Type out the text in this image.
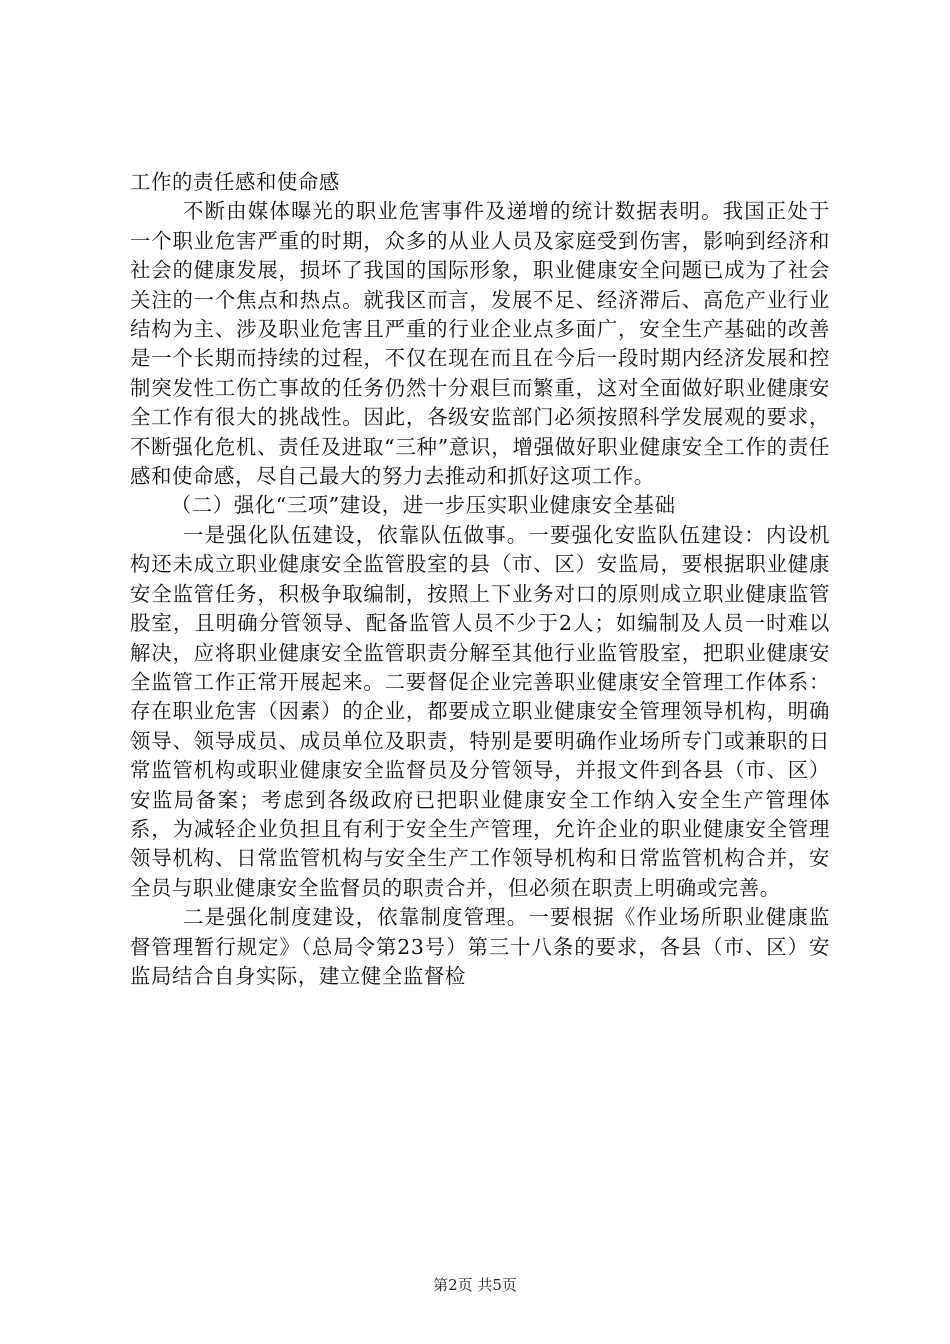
工作的责任感和使命感

不断由媒体曝光的职业危害事件及递增的统计数据表明。我国正处于一个职业危害严重的时期，众多的从业人员及家庭受到伤害，影响到经济和社会的健康发展，损坏了我国的国际形象，职业健康安全问题已成为了社会关注的一个焦点和热点。就我区而言，发展不足、经济滞后、高危产业行业结构为主、涉及职业危害且严重的行业企业点多面广，安全生产基础的改善是一个长期而持续的过程，不仅在现在而且在今后一段时期内经济发展和控制突发性工伤亡事故的任务仍然十分艰巨而繁重，这对全面做好职业健康安全工作有很大的挑战性。因此，各级安监部门必须按照科学发展观的要求，不断强化危机、责任及进取“三种”意识，增强做好职业健康安全工作的责任感和使命感，尽自己最大的努力去推动和抓好这项工作。

（二）强化“三项”建设，进一步压实职业健康安全基础

一是强化队伍建设，依靠队伍做事。一要强化安监队伍建设：内设机构还未成立职业健康安全监管股室的县（市、区）安监局，要根据职业健康安全监管任务，积极争取编制，按照上下业务对口的原则成立职业健康监管股室，且明确分管领导、配备监管人员不少于2人；如编制及人员一时难以解决，应将职业健康安全监管职责分解至其他行业监管股室，把职业健康安全监管工作正常开展起来。二要督促企业完善职业健康安全管理工作体系：存在职业危害（因素）的企业，都要成立职业健康安全管理领导机构，明确领导、领导成员、成员单位及职责，特别是要明确作业场所专门或兼职的日常监管机构或职业健康安全监督员及分管领导，并报文件到各县（市、区）安监局备案；考虑到各级政府已把职业健康安全工作纳入安全生产管理体系，为减轻企业负担且有利于安全生产管理，允许企业的职业健康安全管理领导机构、日常监管机构与安全生产工作领导机构和日常监管机构合并，安全员与职业健康安全监督员的职责合并，但必须在职责上明确或完善。

二是强化制度建设，依靠制度管理。一要根据《作业场所职业健康监督管理暂行规定》（总局令第23号）第三十八条的要求，各县（市、区）安监局结合自身实际，建立健全监督检

第2页 共5页
